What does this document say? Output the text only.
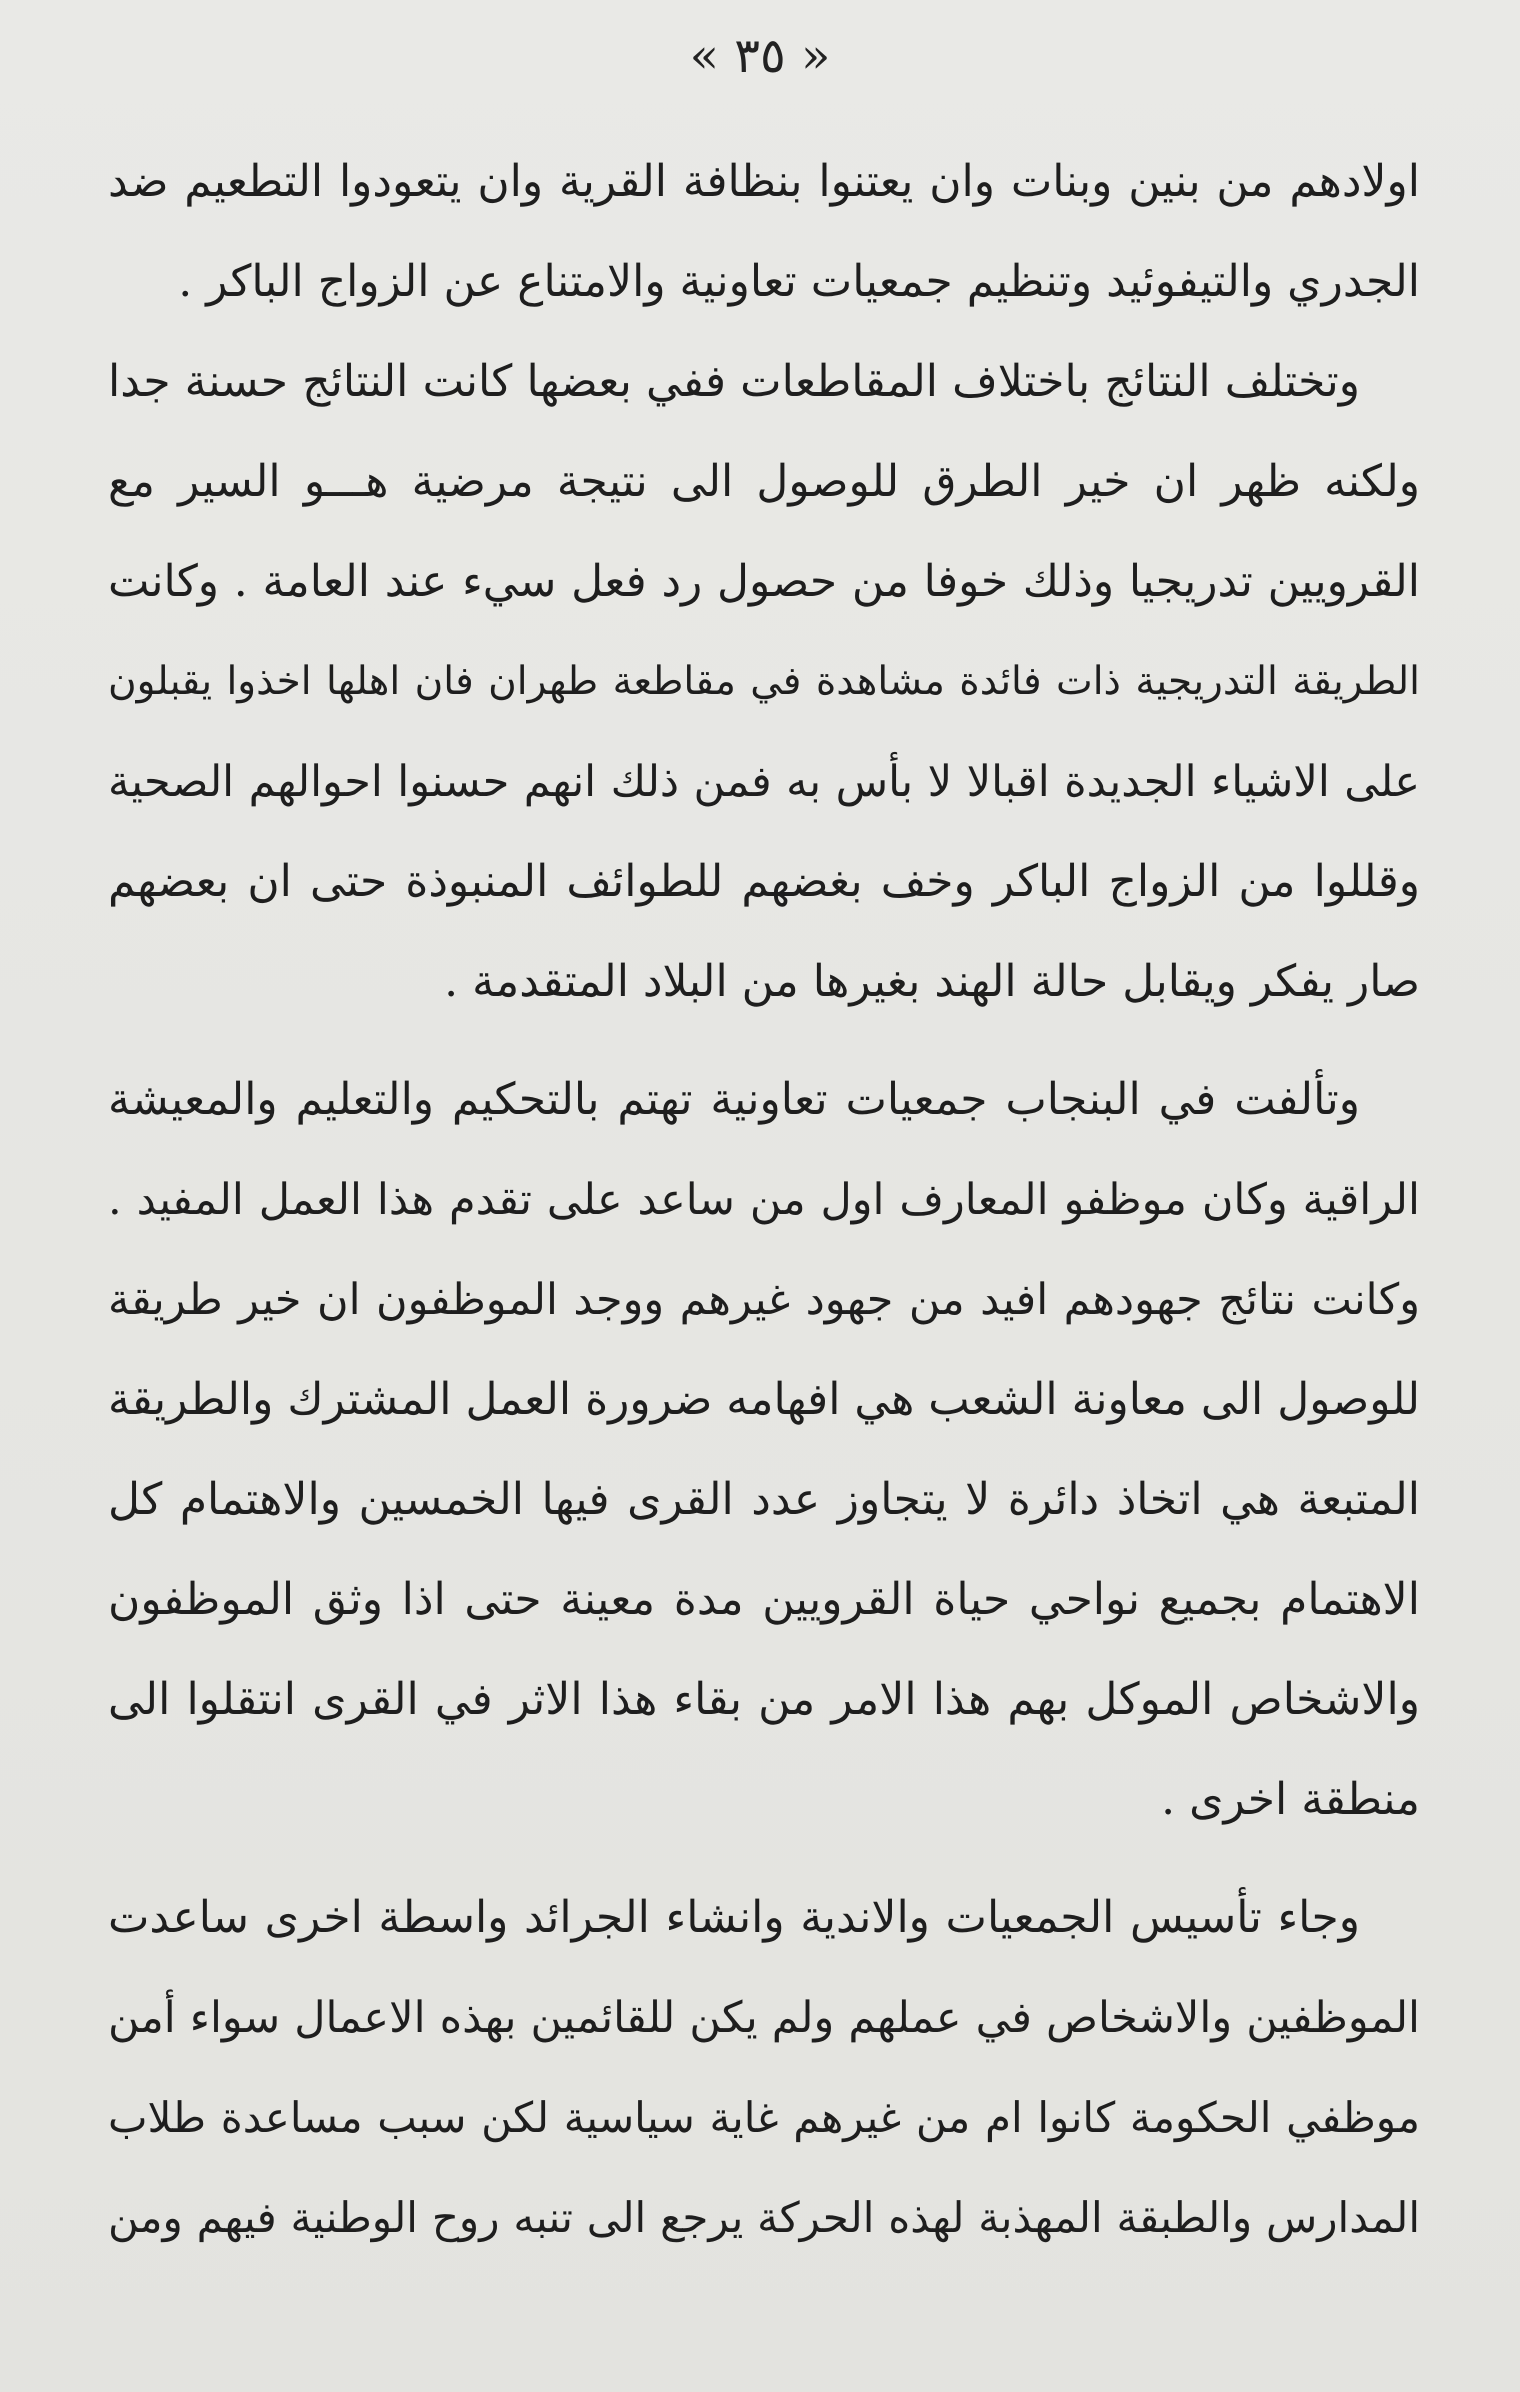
« ٣٥ »
اولادهم من بنين وبنات وان يعتنوا بنظافة القرية وان يتعودوا التطعيم ضد
الجدري والتيفوئيد وتنظيم جمعيات تعاونية والامتناع عن الزواج الباكر .
وتختلف النتائج باختلاف المقاطعات ففي بعضها كانت النتائج حسنة جدا
ولكنه ظهر ان خير الطرق للوصول الى نتيجة مرضية هـــو السير مع
القرويين تدريجيا وذلك خوفا من حصول رد فعل سيء عند العامة . وكانت
الطريقة التدريجية ذات فائدة مشاهدة في مقاطعة طهران فان اهلها اخذوا يقبلون
على الاشياء الجديدة اقبالا لا بأس به فمن ذلك انهم حسنوا احوالهم الصحية
وقللوا من الزواج الباكر وخف بغضهم للطوائف المنبوذة حتى ان بعضهم
صار يفكر ويقابل حالة الهند بغيرها من البلاد المتقدمة .
وتألفت في البنجاب جمعيات تعاونية تهتم بالتحكيم والتعليم والمعيشة
الراقية وكان موظفو المعارف اول من ساعد على تقدم هذا العمل المفيد .
وكانت نتائج جهودهم افيد من جهود غيرهم ووجد الموظفون ان خير طريقة
للوصول الى معاونة الشعب هي افهامه ضرورة العمل المشترك والطريقة
المتبعة هي اتخاذ دائرة لا يتجاوز عدد القرى فيها الخمسين والاهتمام كل
الاهتمام بجميع نواحي حياة القرويين مدة معينة حتى اذا وثق الموظفون
والاشخاص الموكل بهم هذا الامر من بقاء هذا الاثر في القرى انتقلوا الى
منطقة اخرى .
وجاء تأسيس الجمعيات والاندية وانشاء الجرائد واسطة اخرى ساعدت
الموظفين والاشخاص في عملهم ولم يكن للقائمين بهذه الاعمال سواء أمن
موظفي الحكومة كانوا ام من غيرهم غاية سياسية لكن سبب مساعدة طلاب
المدارس والطبقة المهذبة لهذه الحركة يرجع الى تنبه روح الوطنية فيهم ومن
